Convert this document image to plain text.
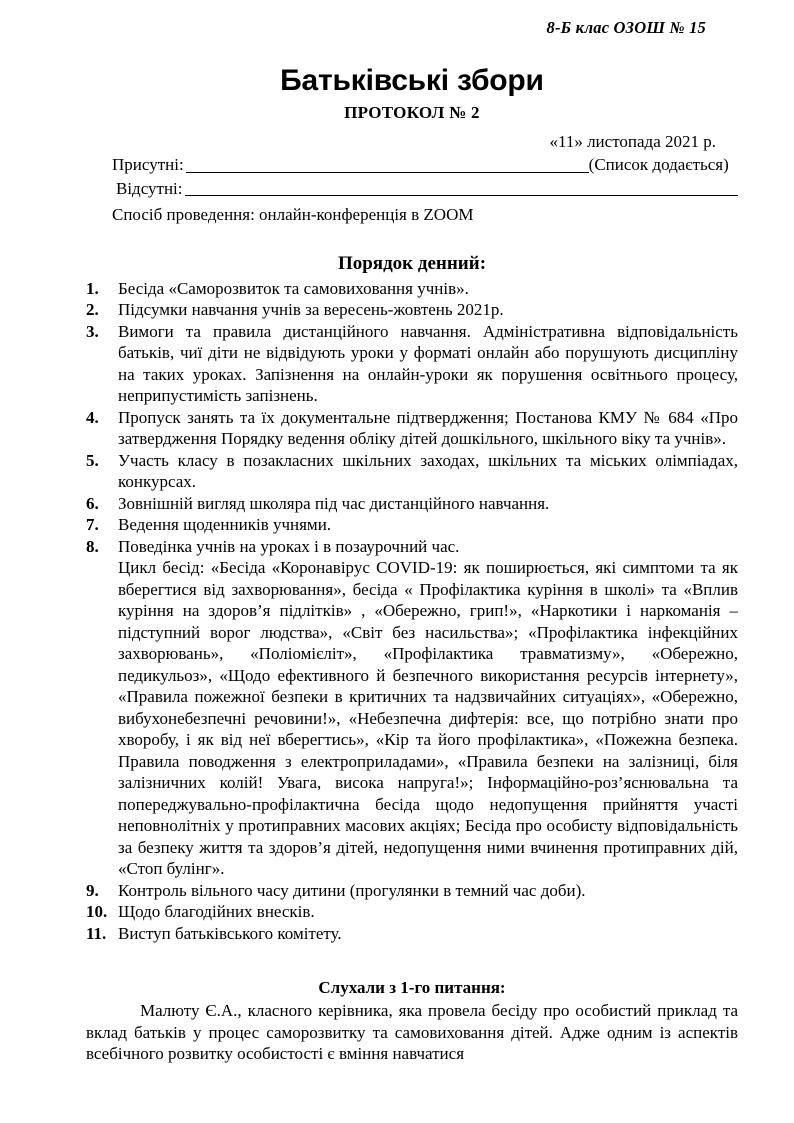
8-Б клас ОЗОШ № 15
Батьківські збори
ПРОТОКОЛ № 2
«11» листопада 2021 р.
Присутні:	(Список додається)
Відсутні:
Спосіб проведення: онлайн-конференція в ZOOM
Порядок денний:
1.	Бесіда «Саморозвиток та самовиховання учнів».
2.	Підсумки навчання учнів за вересень-жовтень 2021р.
3.	Вимоги та правила дистанційного навчання. Адміністративна відповідальність батьків, чиї діти не відвідують уроки у форматі онлайн або порушують дисципліну на таких уроках. Запізнення на онлайн-уроки як порушення освітнього процесу, неприпустимість запізнень.
4.	Пропуск занять та їх документальне підтвердження; Постанова КМУ № 684 «Про затвердження Порядку ведення обліку дітей дошкільного, шкільного віку та учнів».
5.	Участь класу в позакласних шкільних заходах, шкільних та міських олімпіадах, конкурсах.
6.	Зовнішній вигляд школяра під час дистанційного навчання.
7.	Ведення щоденників учнями.
8.	Поведінка учнів на уроках і в позаурочний час.
Цикл бесід: «Бесіда «Коронавірус COVID-19: як поширюється, які симптоми та як вберегтися від захворювання», бесіда « Профілактика куріння в школі» та «Вплив куріння на здоров’я підлітків» , «Обережно, грип!», «Наркотики і наркоманія – підступний ворог людства», «Світ без насильства»; «Профілактика інфекційних захворювань», «Поліомієліт», «Профілактика травматизму», «Обережно, педикульоз», «Щодо ефективного й безпечного використання ресурсів інтернету», «Правила пожежної безпеки в критичних та надзвичайних ситуаціях», «Обережно, вибухонебезпечні речовини!», «Небезпечна дифтерія: все, що потрібно знати про хворобу, і як від неї вберегтись», «Кір та його профілактика», «Пожежна безпека. Правила поводження з електроприладами», «Правила безпеки на залізниці, біля залізничних колій! Увага, висока напруга!»; Інформаційно-роз’яснювальна та попереджувально-профілактична бесіда щодо недопущення прийняття участі неповнолітніх у протиправних масових акціях; Бесіда про особисту відповідальність за безпеку життя та здоров’я дітей, недопущення ними вчинення протиправних дій, «Стоп булінг».
9.	Контроль вільного часу дитини (прогулянки в темний час доби).
10. Щодо благодійних внесків.
11. Виступ батьківського комітету.
Слухали з 1-го питання:

Малюту Є.А., класного керівника, яка провела бесіду про особистий приклад та вклад батьків у процес саморозвитку та самовиховання дітей. Адже одним із аспектів всебічного розвитку особистості є вміння навчатися
